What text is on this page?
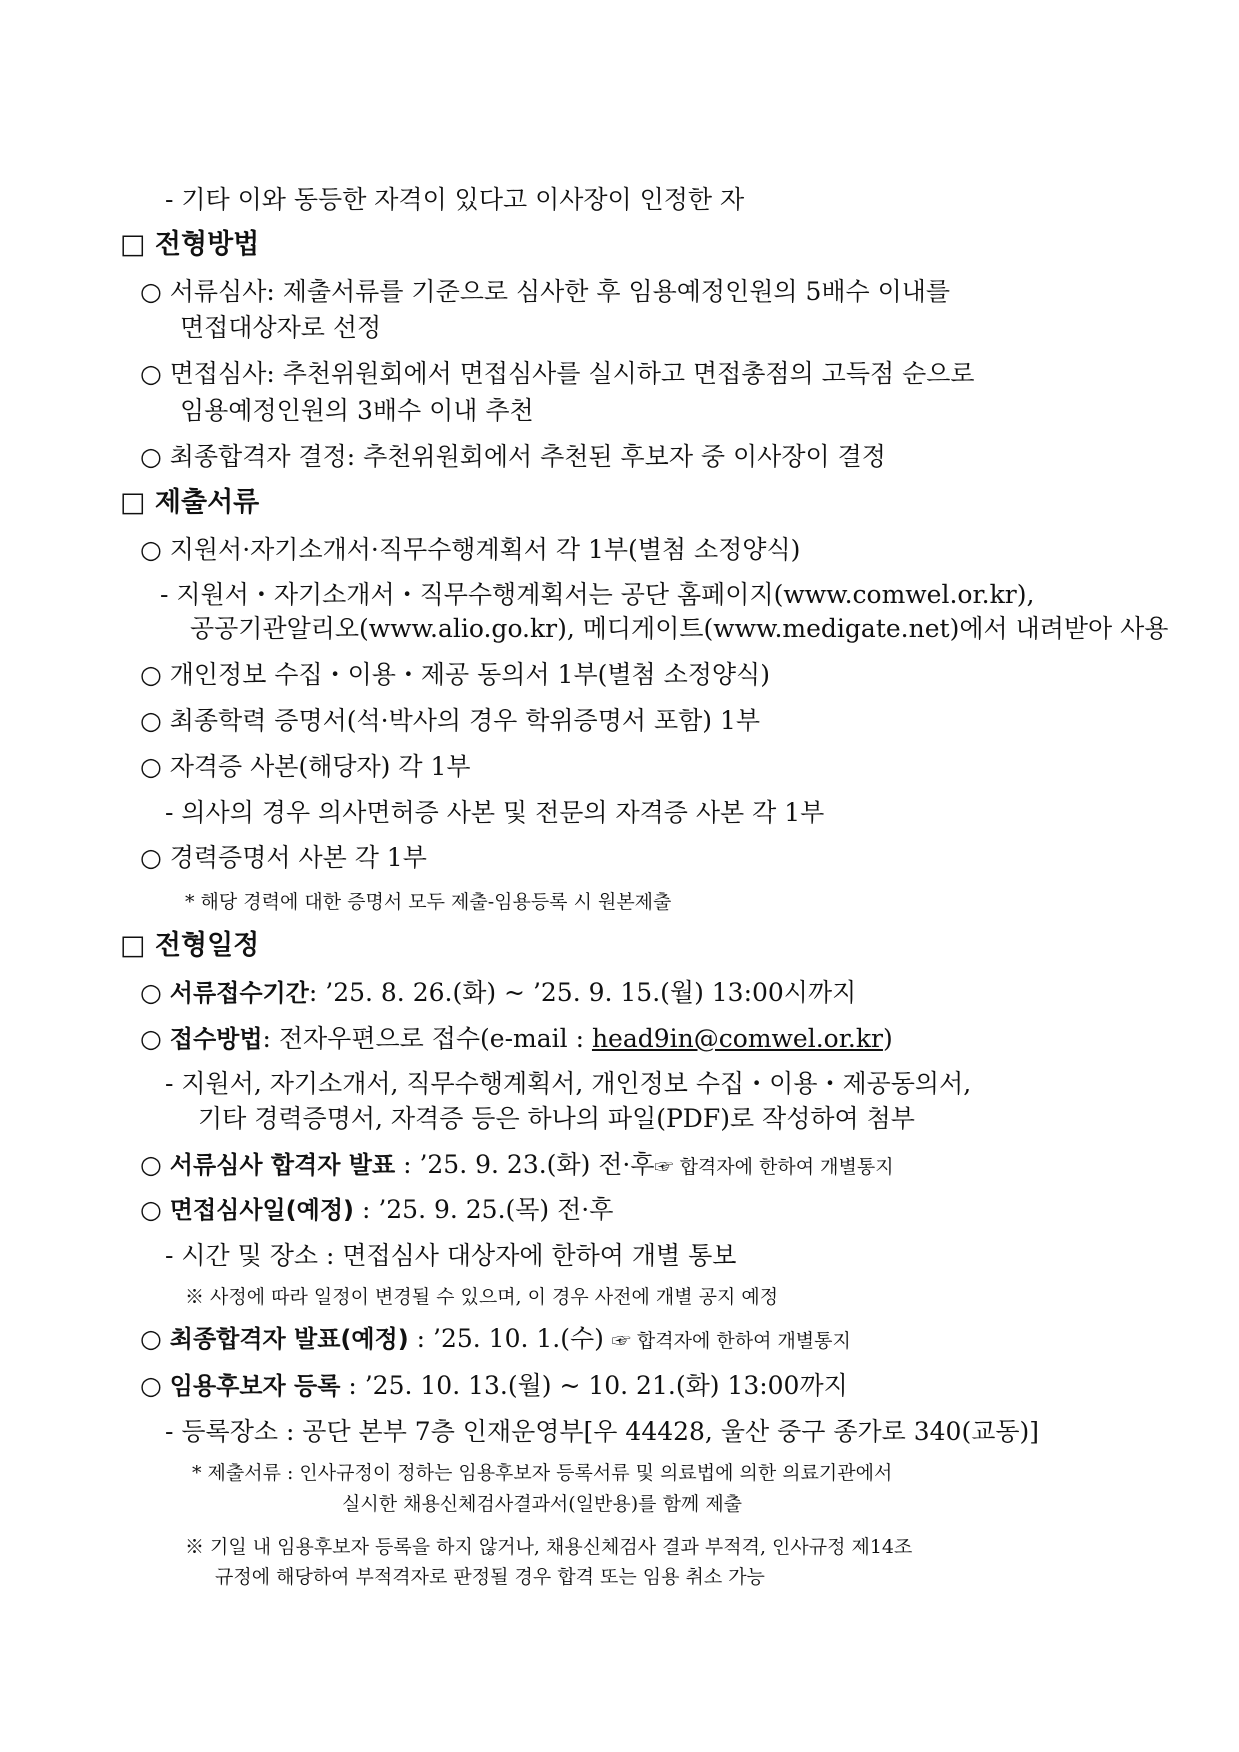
- 기타 이와 동등한 자격이 있다고 이사장이 인정한 자
□ 전형방법
○ 서류심사: 제출서류를 기준으로 심사한 후 임용예정인원의 5배수 이내를
면접대상자로 선정
○ 면접심사: 추천위원회에서 면접심사를 실시하고 면접총점의 고득점 순으로
임용예정인원의 3배수 이내 추천
○ 최종합격자 결정: 추천위원회에서 추천된 후보자 중 이사장이 결정
□ 제출서류
○ 지원서·자기소개서·직무수행계획서 각 1부(별첨 소정양식)
- 지원서・자기소개서・직무수행계획서는 공단 홈페이지(www.comwel.or.kr),
공공기관알리오(www.alio.go.kr), 메디게이트(www.medigate.net)에서 내려받아 사용
○ 개인정보 수집・이용・제공 동의서 1부(별첨 소정양식)
○ 최종학력 증명서(석·박사의 경우 학위증명서 포함) 1부
○ 자격증 사본(해당자) 각 1부
- 의사의 경우 의사면허증 사본 및 전문의 자격증 사본 각 1부
○ 경력증명서 사본 각 1부
* 해당 경력에 대한 증명서 모두 제출-임용등록 시 원본제출
□ 전형일정
○ 서류접수기간: ’25. 8. 26.(화) ~ ’25. 9. 15.(월) 13:00시까지
○ 접수방법: 전자우편으로 접수(e-mail : head9in@comwel.or.kr)
- 지원서, 자기소개서, 직무수행계획서, 개인정보 수집・이용・제공동의서,
기타 경력증명서, 자격증 등은 하나의 파일(PDF)로 작성하여 첨부
○ 서류심사 합격자 발표 : ’25. 9. 23.(화) 전·후☞ 합격자에 한하여 개별통지
○ 면접심사일(예정) : ’25. 9. 25.(목) 전·후
- 시간 및 장소 : 면접심사 대상자에 한하여 개별 통보
※ 사정에 따라 일정이 변경될 수 있으며, 이 경우 사전에 개별 공지 예정
○ 최종합격자 발표(예정) : ’25. 10. 1.(수) ☞ 합격자에 한하여 개별통지
○ 임용후보자 등록 : ’25. 10. 13.(월) ~ 10. 21.(화) 13:00까지
- 등록장소 : 공단 본부 7층 인재운영부[우 44428, 울산 중구 종가로 340(교동)]
* 제출서류 : 인사규정이 정하는 임용후보자 등록서류 및 의료법에 의한 의료기관에서
실시한 채용신체검사결과서(일반용)를 함께 제출
※ 기일 내 임용후보자 등록을 하지 않거나, 채용신체검사 결과 부적격, 인사규정 제14조
규정에 해당하여 부적격자로 판정될 경우 합격 또는 임용 취소 가능
